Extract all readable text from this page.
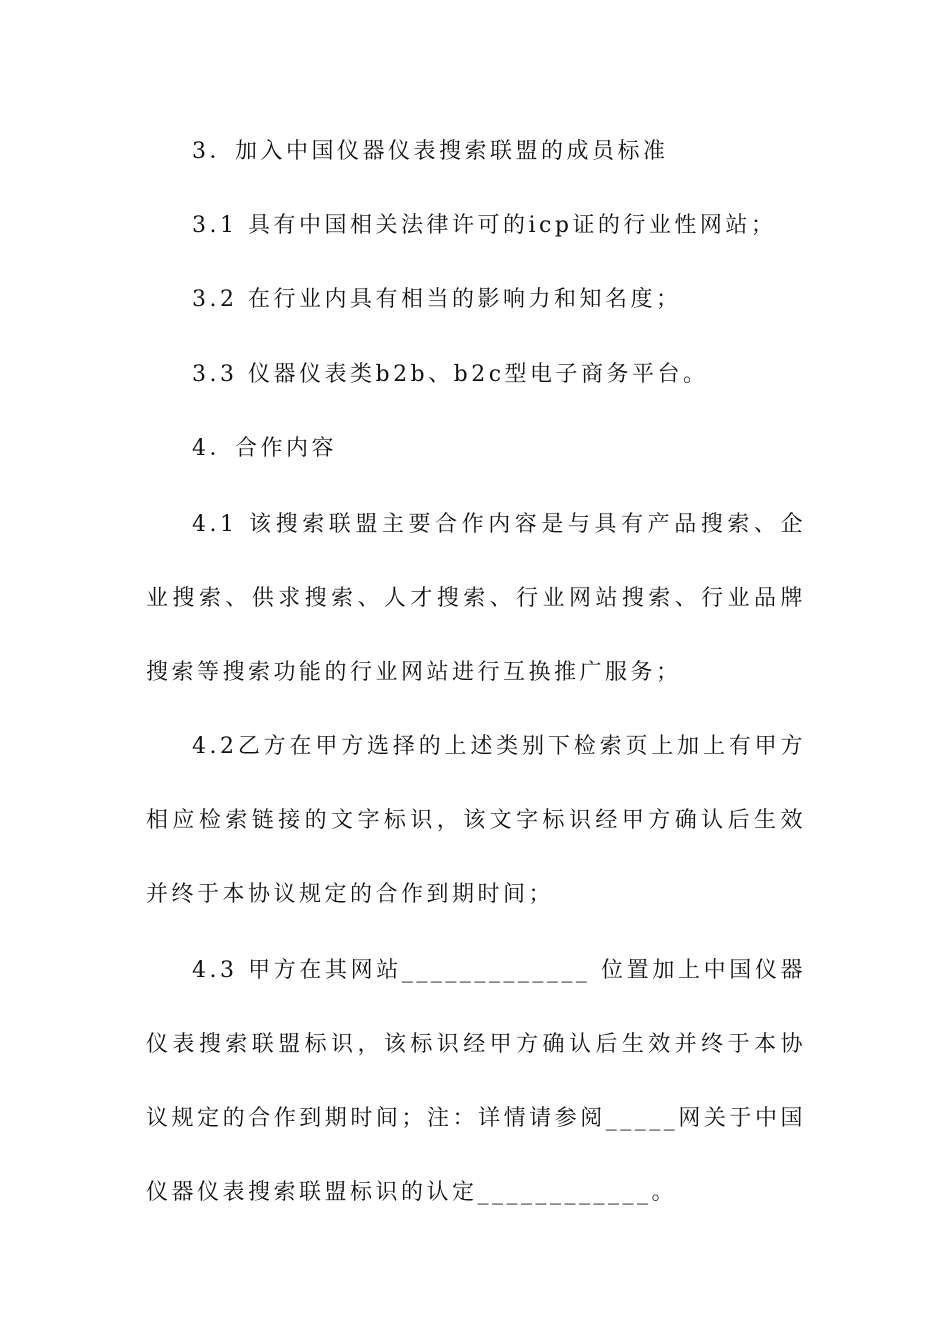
3．加入中国仪器仪表搜索联盟的成员标准

3.1 具有中国相关法律许可的icp证的行业性网站；

3.2 在行业内具有相当的影响力和知名度；

3.3 仪器仪表类b2b、b2c型电子商务平台。

4．合作内容

4.1 该搜索联盟主要合作内容是与具有产品搜索、企业搜索、供求搜索、人才搜索、行业网站搜索、行业品牌搜索等搜索功能的行业网站进行互换推广服务；

4.2乙方在甲方选择的上述类别下检索页上加上有甲方相应检索链接的文字标识，该文字标识经甲方确认后生效并终于本协议规定的合作到期时间；

4.3 甲方在其网站_____________ 位置加上中国仪器仪表搜索联盟标识，该标识经甲方确认后生效并终于本协议规定的合作到期时间；注：详情请参阅_____网关于中国仪器仪表搜索联盟标识的认定____________。
